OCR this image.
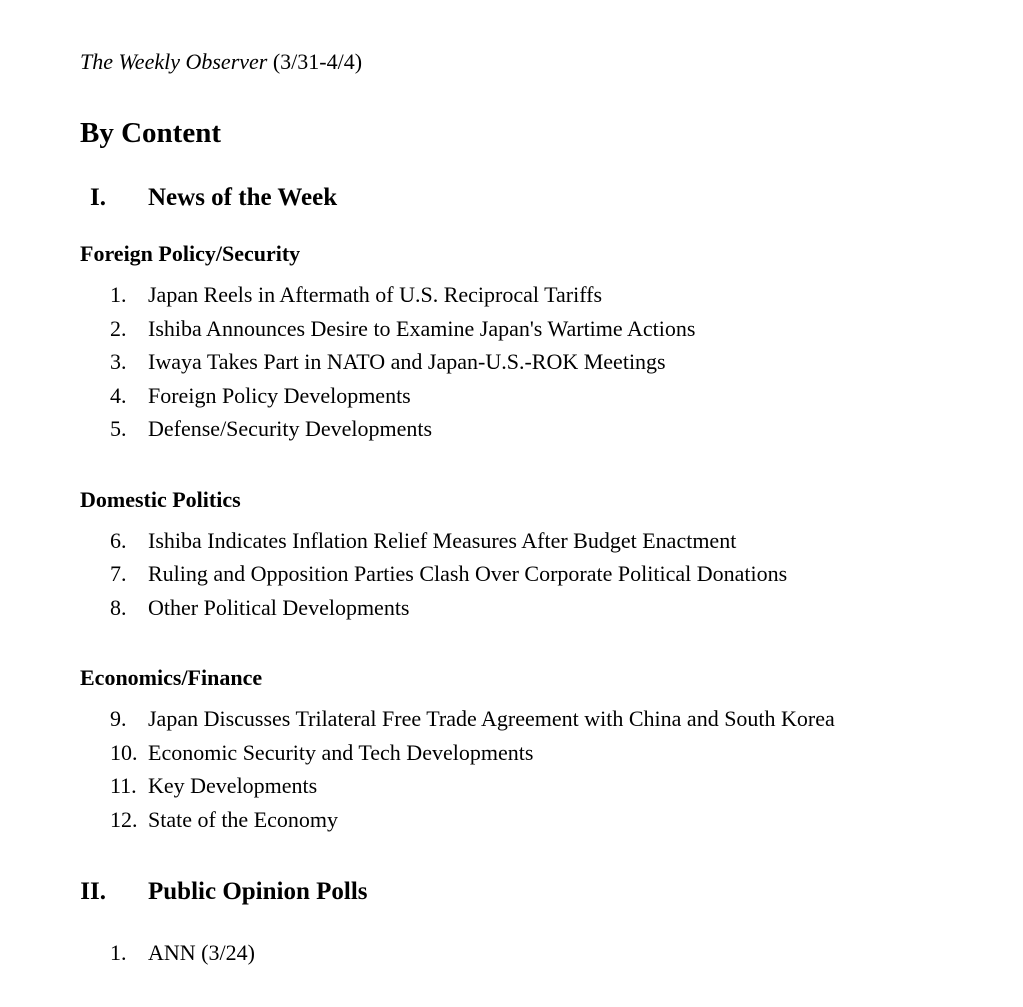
The Weekly Observer (3/31-4/4)

By Content
I. News of the Week
Foreign Policy/Security
1. Japan Reels in Aftermath of U.S. Reciprocal Tariffs
2. Ishiba Announces Desire to Examine Japan's Wartime Actions
3. Iwaya Takes Part in NATO and Japan-U.S.-ROK Meetings
4. Foreign Policy Developments
5. Defense/Security Developments
Domestic Politics
6. Ishiba Indicates Inflation Relief Measures After Budget Enactment
7. Ruling and Opposition Parties Clash Over Corporate Political Donations
8. Other Political Developments
Economics/Finance
9. Japan Discusses Trilateral Free Trade Agreement with China and South Korea
10. Economic Security and Tech Developments
11. Key Developments
12. State of the Economy
II. Public Opinion Polls
1. ANN (3/24)
